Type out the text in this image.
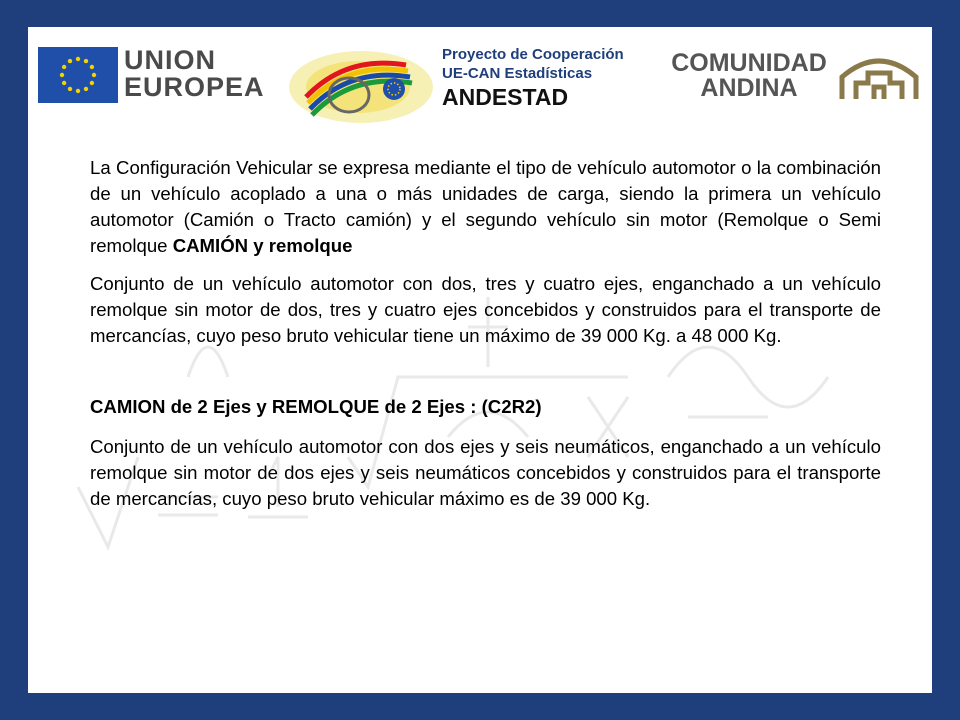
UNION
EUROPEA
Proyecto de Cooperación
UE-CAN Estadísticas
ANDESTAD
COMUNIDAD
ANDINA

La Configuración Vehicular se expresa mediante el tipo de vehículo automotor o la combinación de un vehículo acoplado a una o más unidades de carga, siendo la primera un vehículo automotor (Camión o Tracto camión) y el segundo vehículo sin motor (Remolque o Semi remolque CAMIÓN y remolque

Conjunto de un vehículo automotor con dos, tres y cuatro ejes, enganchado a un vehículo remolque sin motor de dos, tres y cuatro ejes concebidos y construidos para el transporte de mercancías, cuyo peso bruto vehicular tiene un máximo de 39 000 Kg. a 48 000 Kg.

CAMION de 2 Ejes y REMOLQUE de 2 Ejes : (C2R2)

Conjunto de un vehículo automotor con dos ejes y seis neumáticos, enganchado a un vehículo remolque sin motor de dos ejes y seis neumáticos concebidos y construidos para el transporte de mercancías, cuyo peso bruto vehicular máximo es de 39 000 Kg.
